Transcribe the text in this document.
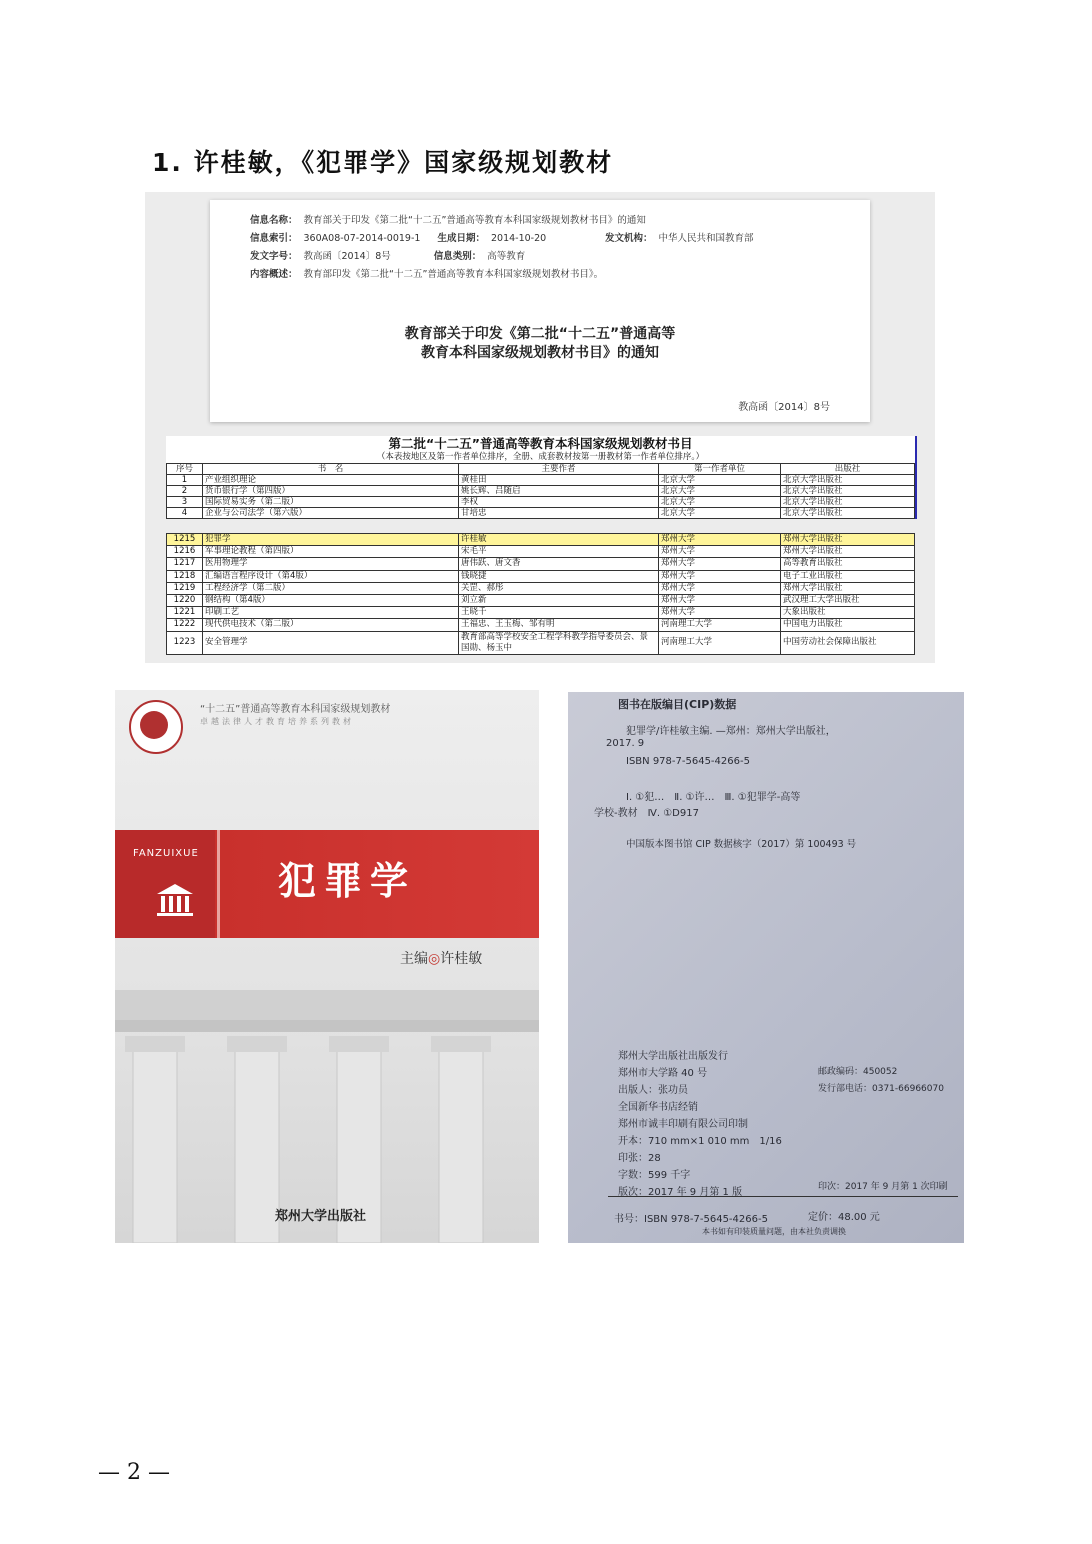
1. 许桂敏，《犯罪学》国家级规划教材
信息名称： 教育部关于印发《第二批“十二五”普通高等教育本科国家级规划教材书目》的通知
信息索引： 360A08-07-2014-0019-1 生成日期： 2014-10-20	发文机构： 中华人民共和国教育部
发文字号： 教高函〔2014〕8号	信息类别： 高等教育
内容概述： 教育部印发《第二批“十二五”普通高等教育本科国家级规划教材书目》。
教育部关于印发《第二批“十二五”普通高等
教育本科国家级规划教材书目》的通知
教高函〔2014〕8号
第二批“十二五”普通高等教育本科国家级规划教材书目
（本表按地区及第一作者单位排序，全册、成套教材按第一册教材第一作者单位排序。）
序号	书　名	主要作者	第一作者单位	出版社
1	产业组织理论	黄桂田	北京大学	北京大学出版社
2	货币银行学（第四版）	姚长辉、吕随启	北京大学	北京大学出版社
3	国际贸易实务（第二版）	李权	北京大学	北京大学出版社
4	企业与公司法学（第六版）	甘培忠	北京大学	北京大学出版社
1215	犯罪学	许桂敏	郑州大学	郑州大学出版社
1216	军事理论教程（第四版）	宋毛平	郑州大学	郑州大学出版社
1217	医用物理学	唐伟跃、唐文香	郑州大学	高等教育出版社
1218	汇编语言程序设计（第4版）	钱晓捷	郑州大学	电子工业出版社
1219	工程经济学（第二版）	关罡、郝彤	郑州大学	郑州大学出版社
1220	钢结构（第4版）	刘立新	郑州大学	武汉理工大学出版社
1221	印刷工艺	王晓千	郑州大学	大象出版社
1222	现代供电技术（第二版）	王福忠、王玉梅、邹有明	河南理工大学	中国电力出版社
1223	安全管理学	教育部高等学校安全工程学科教学指导委员会、景国勋、杨玉中	河南理工大学	中国劳动社会保障出版社
“十二五”普通高等教育本科国家级规划教材
卓越法律人才教育培养系列教材
FANZUIXUE
犯罪学
主编◎许桂敏
郑州大学出版社
图书在版编目(CIP)数据
犯罪学/许桂敏主编. —郑州：郑州大学出版社，
2017. 9
ISBN 978-7-5645-4266-5
Ⅰ. ①犯…　Ⅱ. ①许…　Ⅲ. ①犯罪学-高等
学校-教材　Ⅳ. ①D917
中国版本图书馆 CIP 数据核字（2017）第 100493 号
郑州大学出版社出版发行
郑州市大学路 40 号	邮政编码：450052
出版人：张功员	发行部电话：0371-66966070
全国新华书店经销
郑州市诚丰印刷有限公司印制
开本：710 mm×1 010 mm　1/16
印张：28
字数：599 千字
版次：2017 年 9 月第 1 版	印次：2017 年 9 月第 1 次印刷
书号：ISBN 978-7-5645-4266-5	定价：48.00 元
本书如有印装质量问题，由本社负责调换
— 2 —
